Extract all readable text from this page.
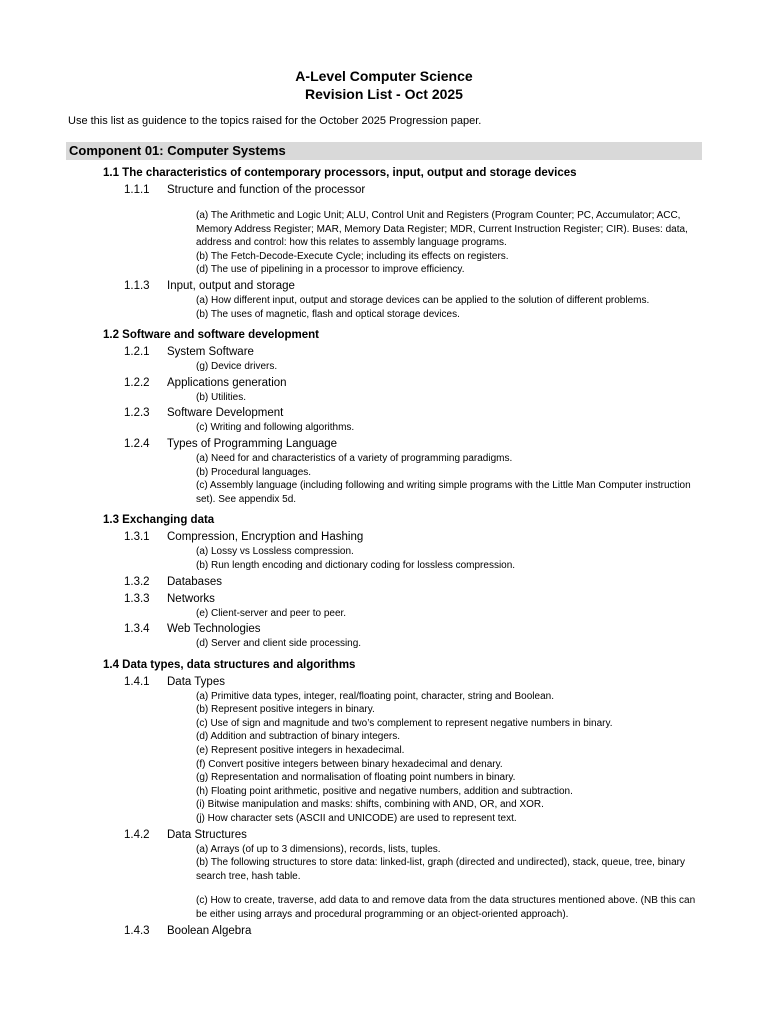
A-Level Computer Science

Revision List - Oct 2025

Use this list as guidence to the topics raised for the October 2025 Progression paper.

Component 01: Computer Systems
1.1 The characteristics of contemporary processors, input, output and storage devices
1.1.1	Structure and function of the processor

(a) The Arithmetic and Logic Unit; ALU, Control Unit and Registers (Program Counter; PC, Accumulator; ACC, Memory Address Register; MAR, Memory Data Register; MDR, Current Instruction Register; CIR). Buses: data, address and control: how this relates to assembly language programs.

(b) The Fetch-Decode-Execute Cycle; including its effects on registers.

(d) The use of pipelining in a processor to improve efficiency.

1.1.3	Input, output and storage

(a) How different input, output and storage devices can be applied to the solution of different problems.

(b) The uses of magnetic, flash and optical storage devices.

1.2 Software and software development
1.2.1	System Software

(g) Device drivers.

1.2.2	Applications generation

(b) Utilities.

1.2.3	Software Development

(c) Writing and following algorithms.

1.2.4	Types of Programming Language

(a) Need for and characteristics of a variety of programming paradigms.

(b) Procedural languages.

(c) Assembly language (including following and writing simple programs with the Little Man Computer instruction set). See appendix 5d.

1.3 Exchanging data
1.3.1	Compression, Encryption and Hashing

(a) Lossy vs Lossless compression.

(b) Run length encoding and dictionary coding for lossless compression.

1.3.2	Databases
1.3.3	Networks

(e) Client-server and peer to peer.

1.3.4	Web Technologies

(d) Server and client side processing.

1.4 Data types, data structures and algorithms
1.4.1	Data Types

(a) Primitive data types, integer, real/floating point, character, string and Boolean.

(b) Represent positive integers in binary.

(c) Use of sign and magnitude and two’s complement to represent negative numbers in binary.

(d) Addition and subtraction of binary integers.

(e) Represent positive integers in hexadecimal.

(f) Convert positive integers between binary hexadecimal and denary.

(g) Representation and normalisation of floating point numbers in binary.

(h) Floating point arithmetic, positive and negative numbers, addition and subtraction.

(i) Bitwise manipulation and masks: shifts, combining with AND, OR, and XOR.

(j) How character sets (ASCII and UNICODE) are used to represent text.

1.4.2	Data Structures

(a) Arrays (of up to 3 dimensions), records, lists, tuples.

(b) The following structures to store data: linked-list, graph (directed and undirected), stack, queue, tree, binary search tree, hash table.

(c) How to create, traverse, add data to and remove data from the data structures mentioned above. (NB this can be either using arrays and procedural programming or an object-oriented approach).

1.4.3	Boolean Algebra
